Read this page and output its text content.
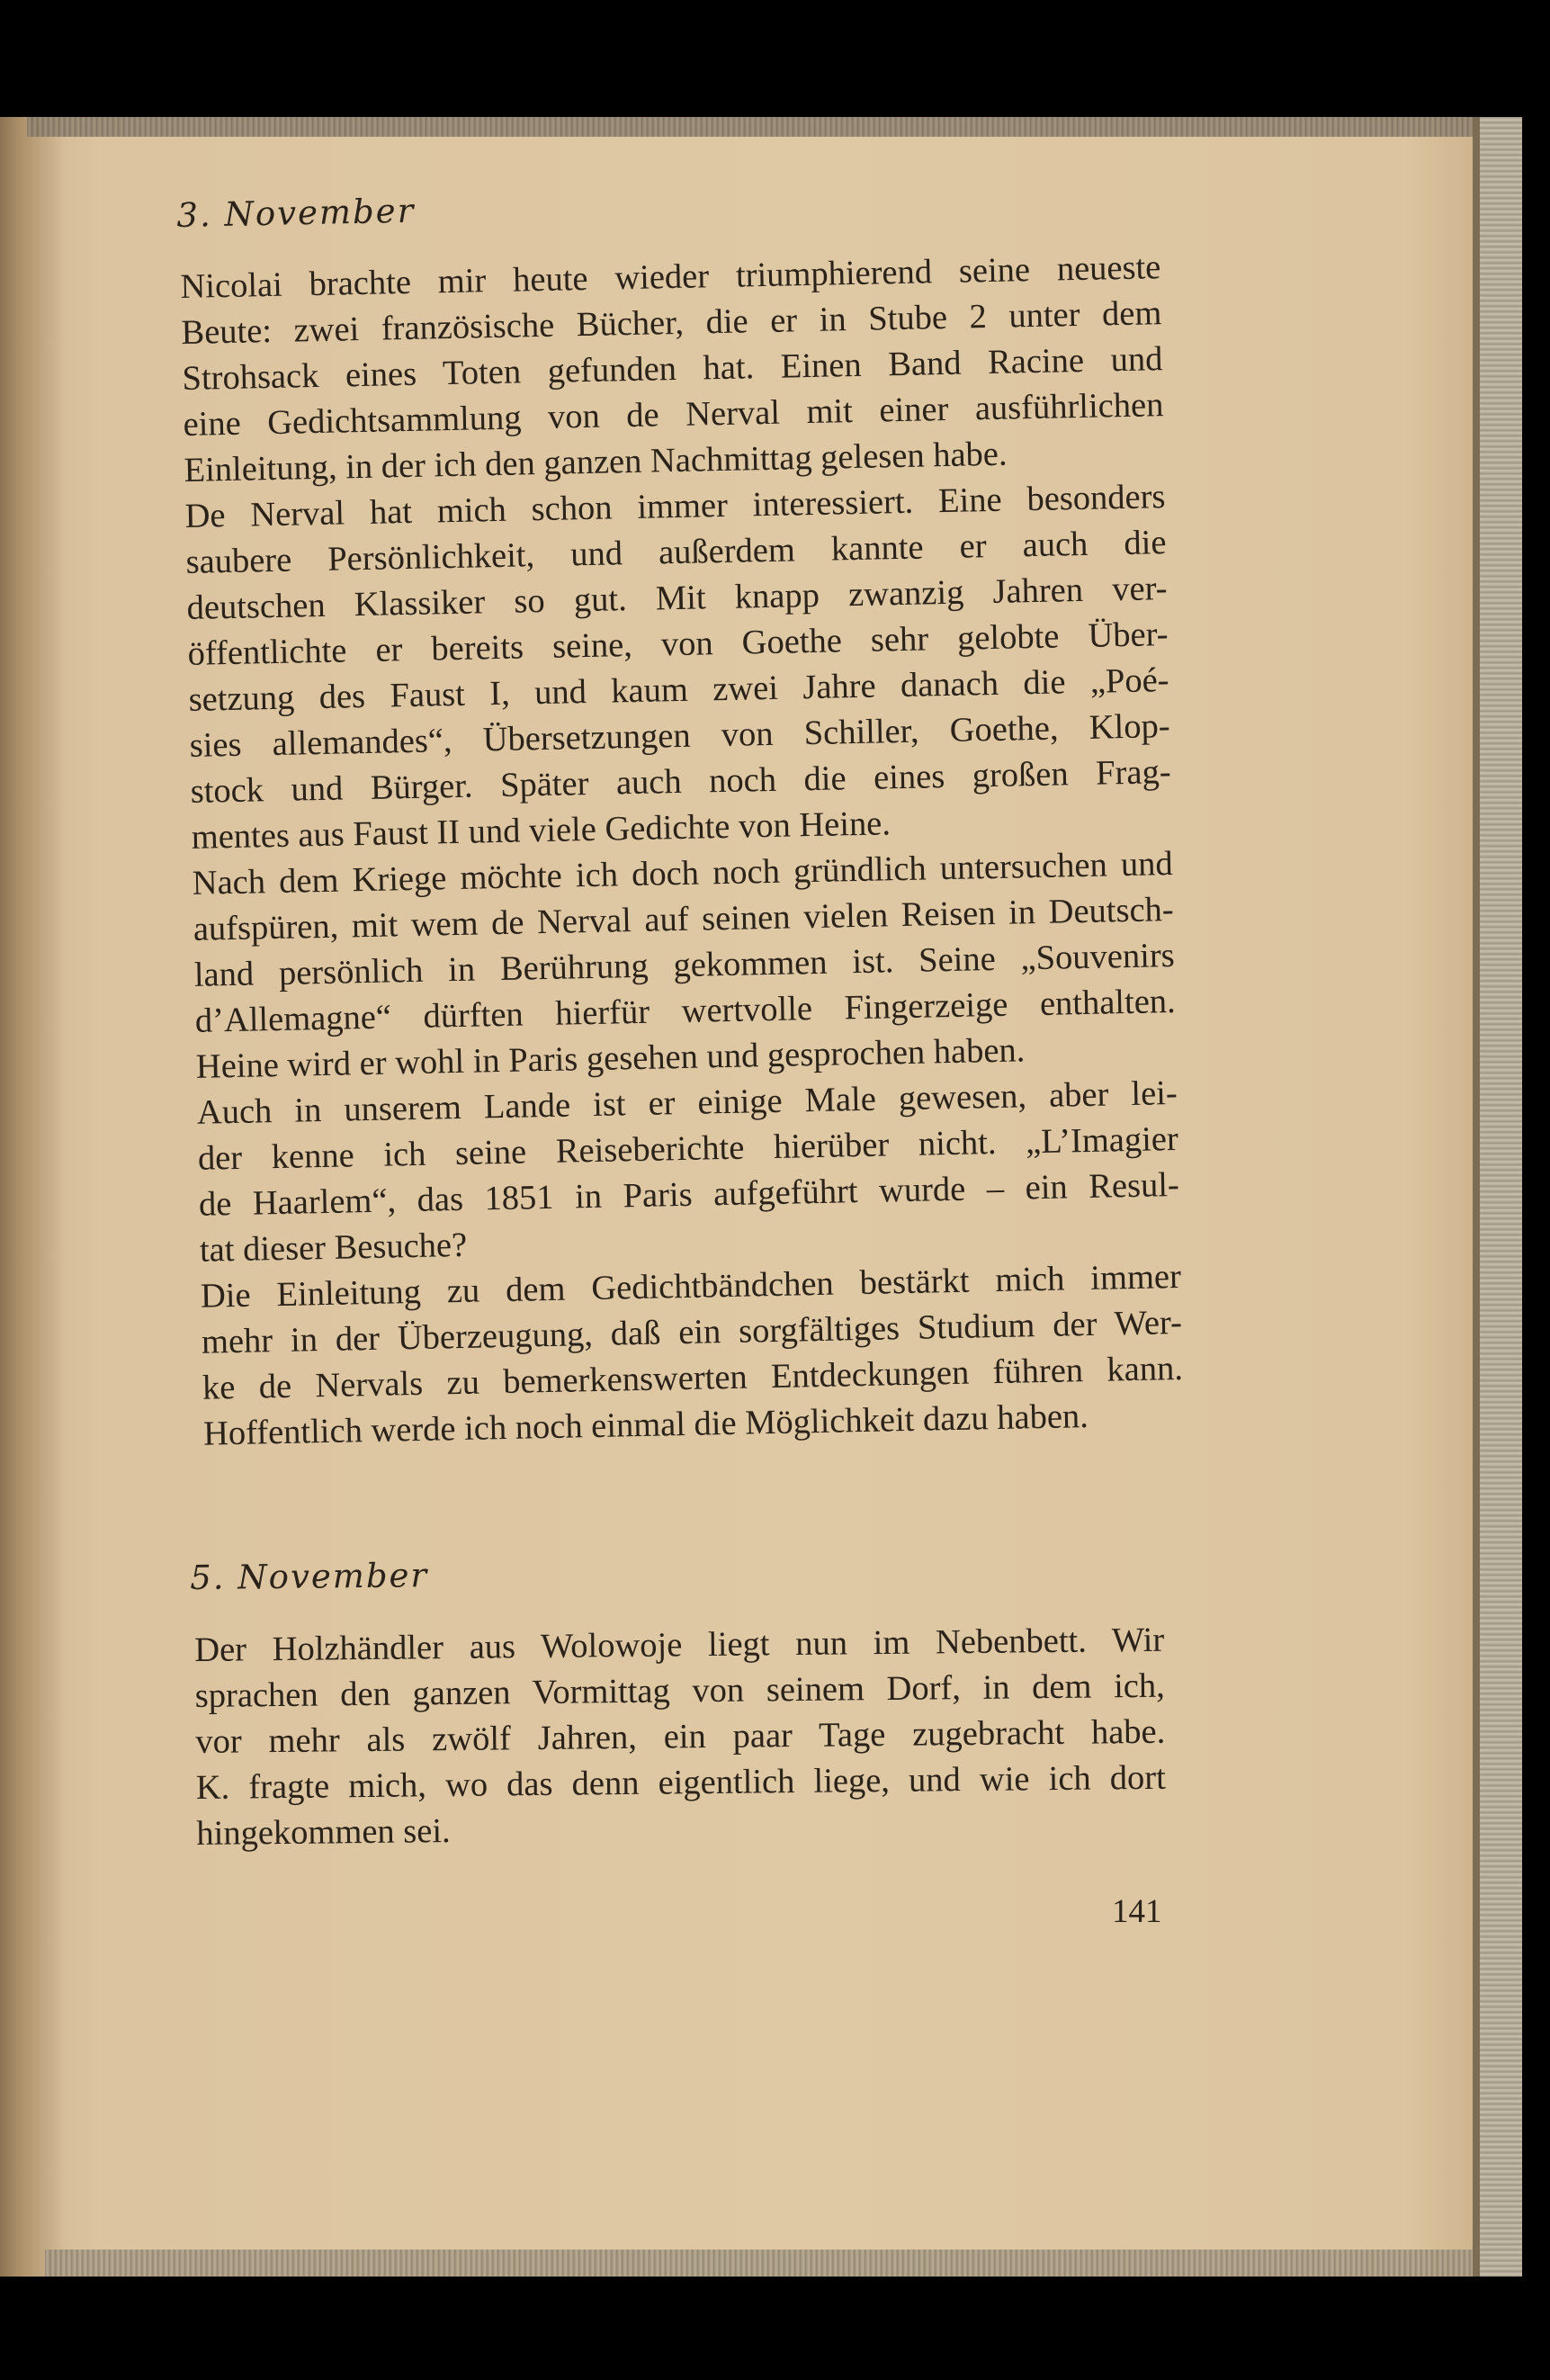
3. November

Nicolai brachte mir heute wieder triumphierend seine neueste
Beute: zwei französische Bücher, die er in Stube 2 unter dem
Strohsack eines Toten gefunden hat. Einen Band Racine und
eine Gedichtsammlung von de Nerval mit einer ausführlichen
Einleitung, in der ich den ganzen Nachmittag gelesen habe.
De Nerval hat mich schon immer interessiert. Eine besonders
saubere Persönlichkeit, und außerdem kannte er auch die
deutschen Klassiker so gut. Mit knapp zwanzig Jahren ver-
öffentlichte er bereits seine, von Goethe sehr gelobte Über-
setzung des Faust I, und kaum zwei Jahre danach die „Poé-
sies allemandes“, Übersetzungen von Schiller, Goethe, Klop-
stock und Bürger. Später auch noch die eines großen Frag-
mentes aus Faust II und viele Gedichte von Heine.
Nach dem Kriege möchte ich doch noch gründlich untersuchen und
aufspüren, mit wem de Nerval auf seinen vielen Reisen in Deutsch-
land persönlich in Berührung gekommen ist. Seine „Souvenirs
d’Allemagne“ dürften hierfür wertvolle Fingerzeige enthalten.
Heine wird er wohl in Paris gesehen und gesprochen haben.
Auch in unserem Lande ist er einige Male gewesen, aber lei-
der kenne ich seine Reiseberichte hierüber nicht. „L’Imagier
de Haarlem“, das 1851 in Paris aufgeführt wurde – ein Resul-
tat dieser Besuche?
Die Einleitung zu dem Gedichtbändchen bestärkt mich immer
mehr in der Überzeugung, daß ein sorgfältiges Studium der Wer-
ke de Nervals zu bemerkenswerten Entdeckungen führen kann.
Hoffentlich werde ich noch einmal die Möglichkeit dazu haben.

5. November

Der Holzhändler aus Wolowoje liegt nun im Nebenbett. Wir
sprachen den ganzen Vormittag von seinem Dorf, in dem ich,
vor mehr als zwölf Jahren, ein paar Tage zugebracht habe.
K. fragte mich, wo das denn eigentlich liege, und wie ich dort
hingekommen sei.

141
